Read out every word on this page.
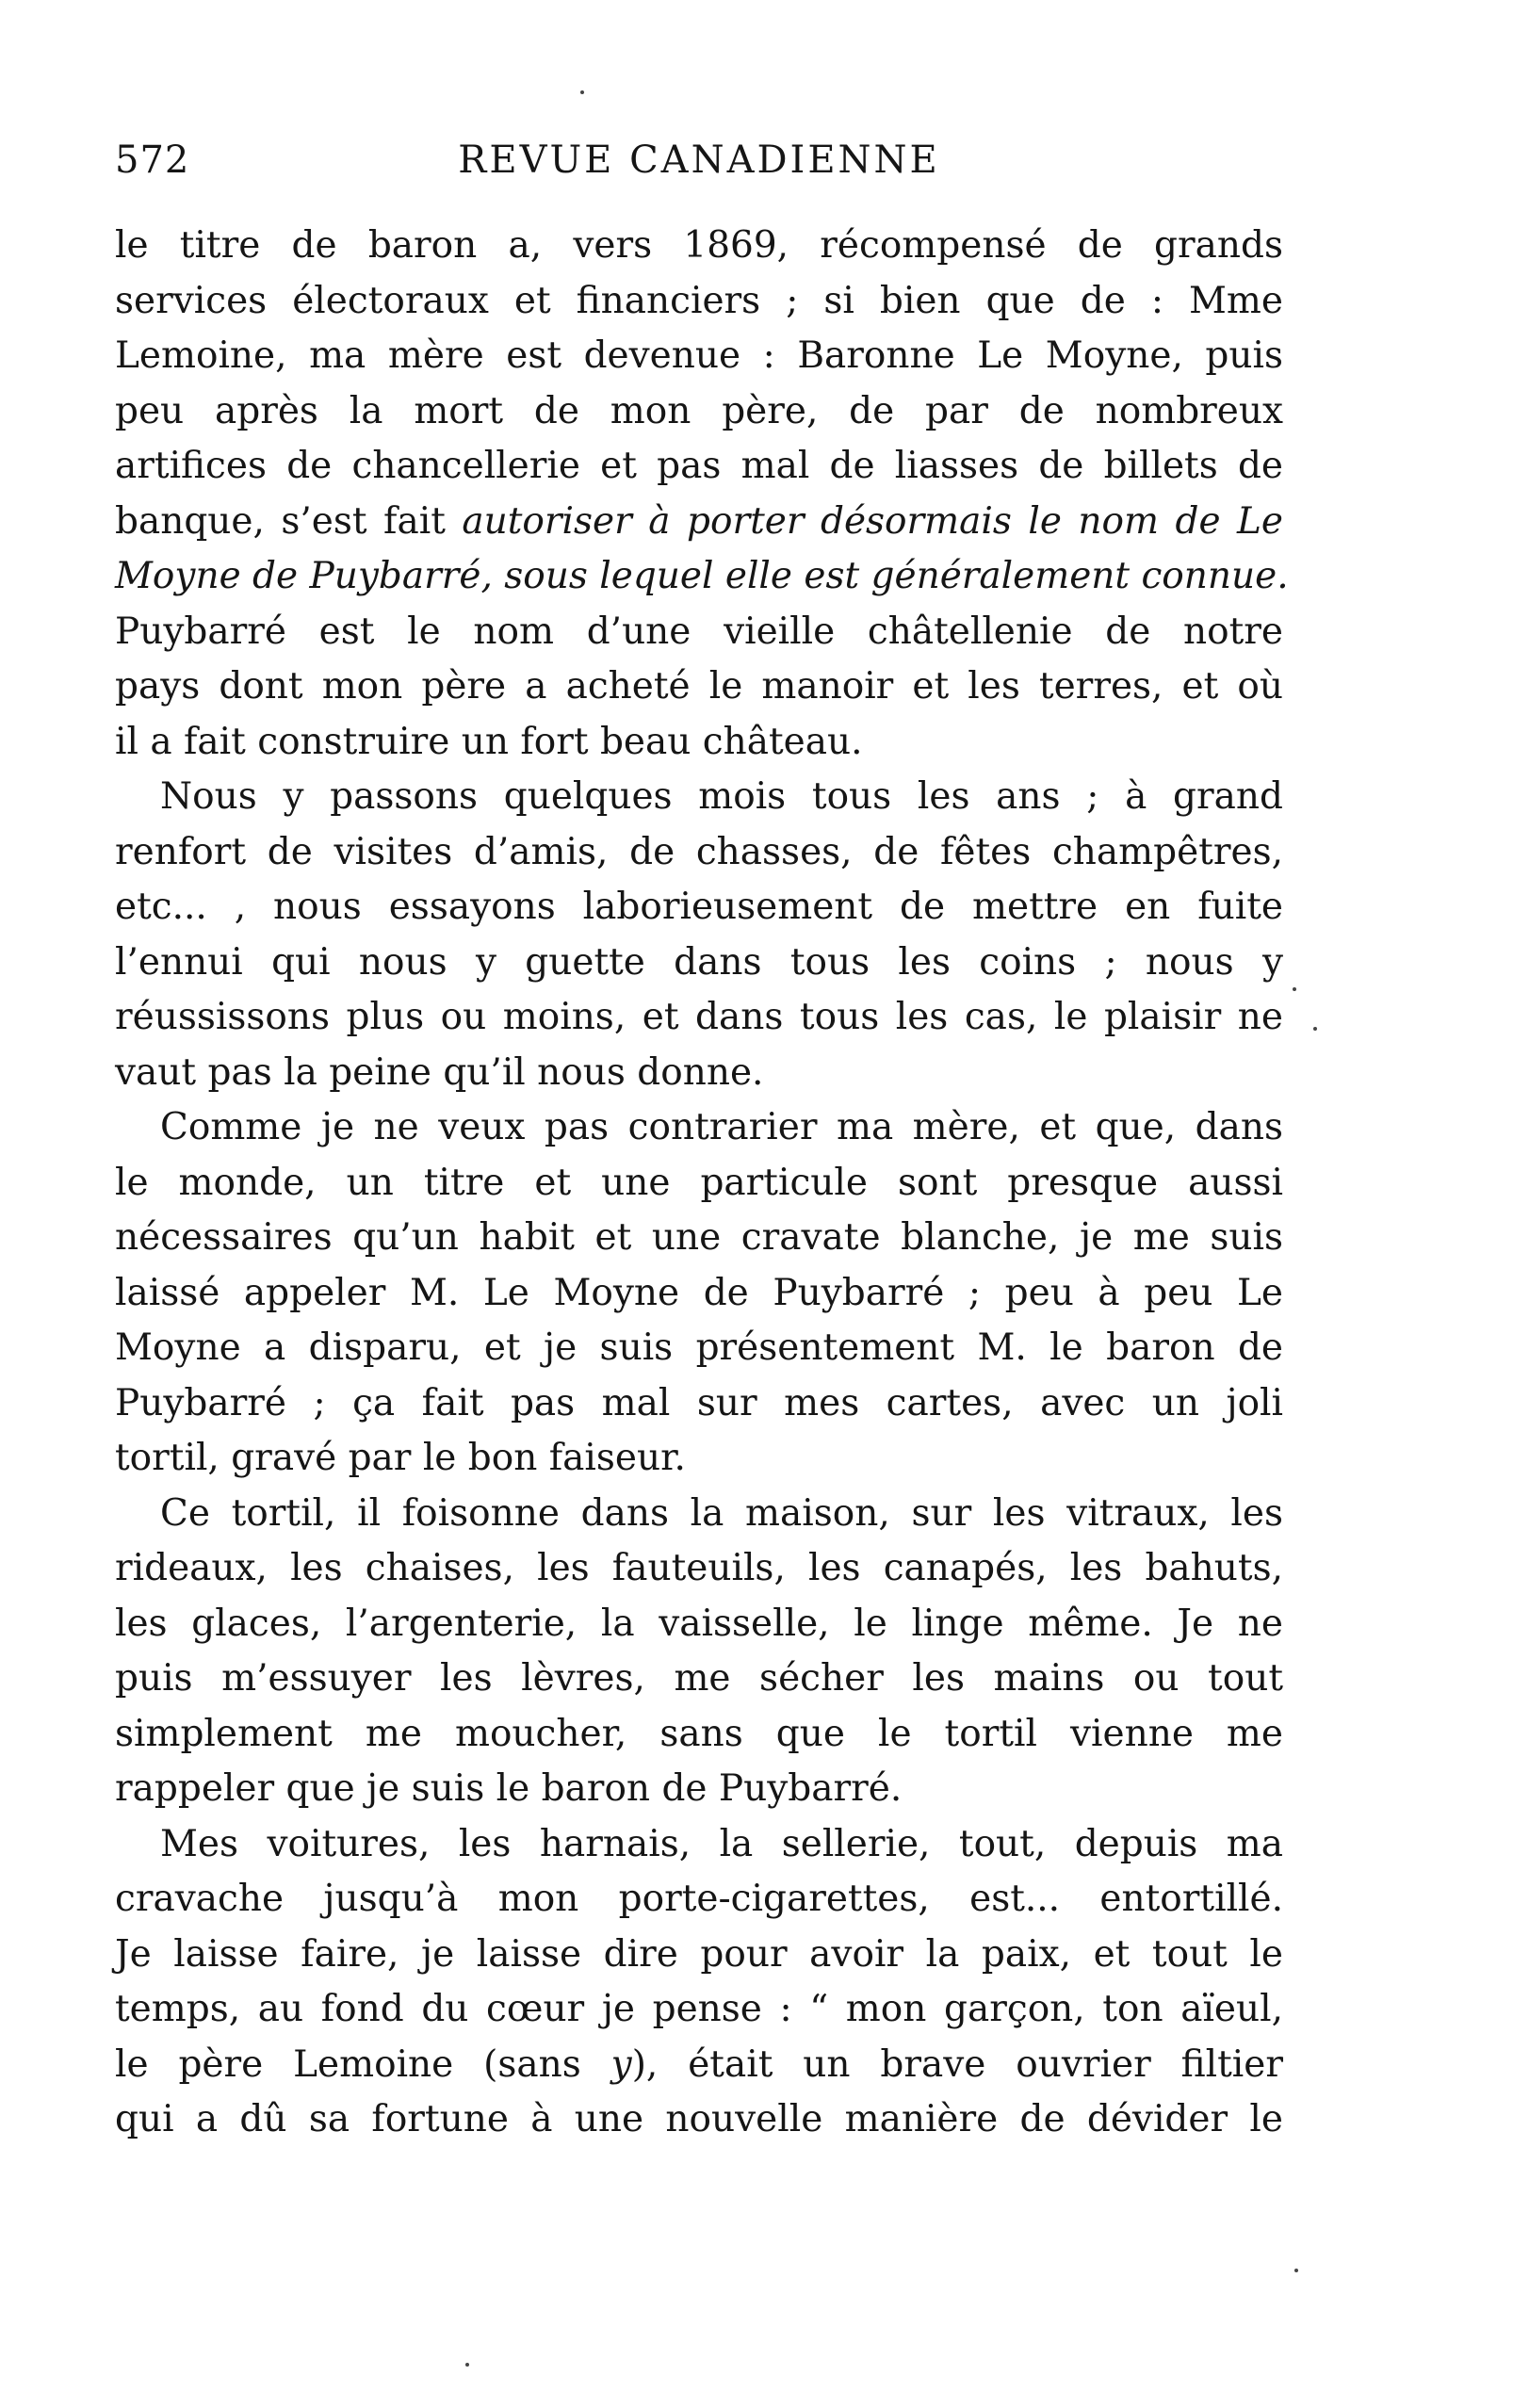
572	REVUE CANADIENNE
le titre de baron a, vers 1869, récompensé de grands
services électoraux et financiers ; si bien que de : Mme
Lemoine, ma mère est devenue : Baronne Le Moyne, puis
peu après la mort de mon père, de par de nombreux
artifices de chancellerie et pas mal de liasses de billets de
banque, s’est fait autoriser à porter désormais le nom de Le
Moyne de Puybarré, sous lequel elle est généralement connue.
Puybarré est le nom d’une vieille châtellenie de notre
pays dont mon père a acheté le manoir et les terres, et où
il a fait construire un fort beau château.
Nous y passons quelques mois tous les ans ; à grand
renfort de visites d’amis, de chasses, de fêtes champêtres,
etc... , nous essayons laborieusement de mettre en fuite
l’ennui qui nous y guette dans tous les coins ; nous y
réussissons plus ou moins, et dans tous les cas, le plaisir ne
vaut pas la peine qu’il nous donne.
Comme je ne veux pas contrarier ma mère, et que, dans
le monde, un titre et une particule sont presque aussi
nécessaires qu’un habit et une cravate blanche, je me suis
laissé appeler M. Le Moyne de Puybarré ; peu à peu Le
Moyne a disparu, et je suis présentement M. le baron de
Puybarré ; ça fait pas mal sur mes cartes, avec un joli
tortil, gravé par le bon faiseur.
Ce tortil, il foisonne dans la maison, sur les vitraux, les
rideaux, les chaises, les fauteuils, les canapés, les bahuts,
les glaces, l’argenterie, la vaisselle, le linge même. Je ne
puis m’essuyer les lèvres, me sécher les mains ou tout
simplement me moucher, sans que le tortil vienne me
rappeler que je suis le baron de Puybarré.
Mes voitures, les harnais, la sellerie, tout, depuis ma
cravache jusqu’à mon porte-cigarettes, est... entortillé.
Je laisse faire, je laisse dire pour avoir la paix, et tout le
temps, au fond du cœur je pense : “ mon garçon, ton aïeul,
le père Lemoine (sans y), était un brave ouvrier filtier
qui a dû sa fortune à une nouvelle manière de dévider le
